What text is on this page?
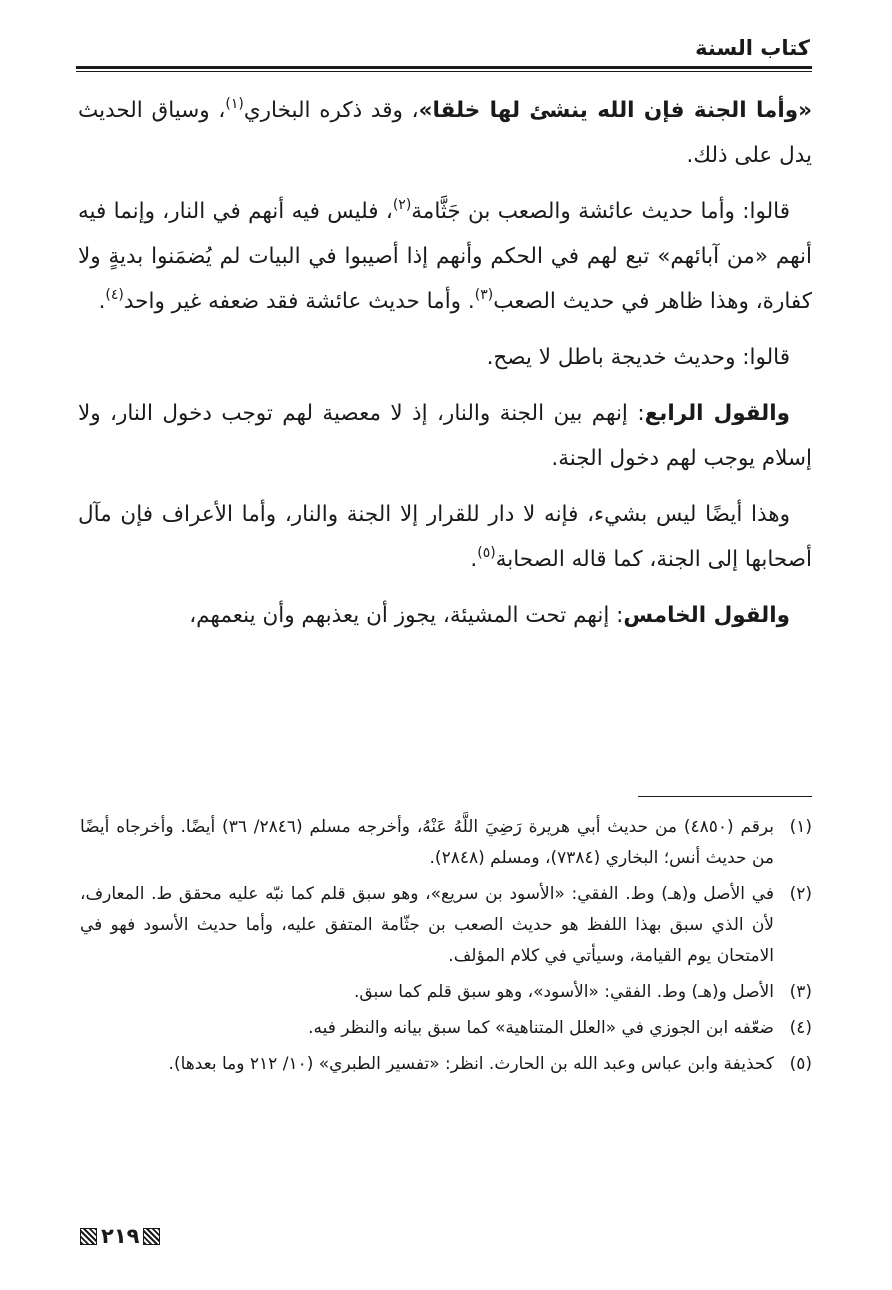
كتاب السنة

«وأما الجنة فإن الله ينشئ لها خلقا»، وقد ذكره البخاري$^{(١)}$، وسياق الحديث يدل على ذلك.

قالوا: وأما حديث عائشة والصعب بن جَثَّامة$^{(٢)}$، فليس فيه أنهم في النار، وإنما فيه أنهم «من آبائهم» تبع لهم في الحكم وأنهم إذا أصيبوا في البيات لم يُضمَنوا بديةٍ ولا كفارة، وهذا ظاهر في حديث الصعب$^{(٣)}$. وأما حديث عائشة فقد ضعفه غير واحد$^{(٤)}$.

قالوا: وحديث خديجة باطل لا يصح.

والقول الرابع: إنهم بين الجنة والنار، إذ لا معصية لهم توجب دخول النار، ولا إسلام يوجب لهم دخول الجنة.

وهذا أيضًا ليس بشيء، فإنه لا دار للقرار إلا الجنة والنار، وأما الأعراف فإن مآل أصحابها إلى الجنة، كما قاله الصحابة$^{(٥)}$.

والقول الخامس: إنهم تحت المشيئة، يجوز أن يعذبهم وأن ينعمهم،

(١)
برقم (٤٨٥٠) من حديث أبي هريرة رَضِيَ اللَّهُ عَنْهُ، وأخرجه مسلم (٢٨٤٦/ ٣٦) أيضًا. وأخرجاه أيضًا من حديث أنس؛ البخاري (٧٣٨٤)، ومسلم (٢٨٤٨).
(٢)
في الأصل و(هـ) وط. الفقي: «الأسود بن سريع»، وهو سبق قلم كما نبّه عليه محقق ط. المعارف، لأن الذي سبق بهذا اللفظ هو حديث الصعب بن جثّامة المتفق عليه، وأما حديث الأسود فهو في الامتحان يوم القيامة، وسيأتي في كلام المؤلف.
(٣)
الأصل و(هـ) وط. الفقي: «الأسود»، وهو سبق قلم كما سبق.
(٤)
ضعّفه ابن الجوزي في «العلل المتناهية» كما سبق بيانه والنظر فيه.
(٥)
كحذيفة وابن عباس وعبد الله بن الحارث. انظر: «تفسير الطبري» (١٠/ ٢١٢ وما بعدها).
٢١٩
